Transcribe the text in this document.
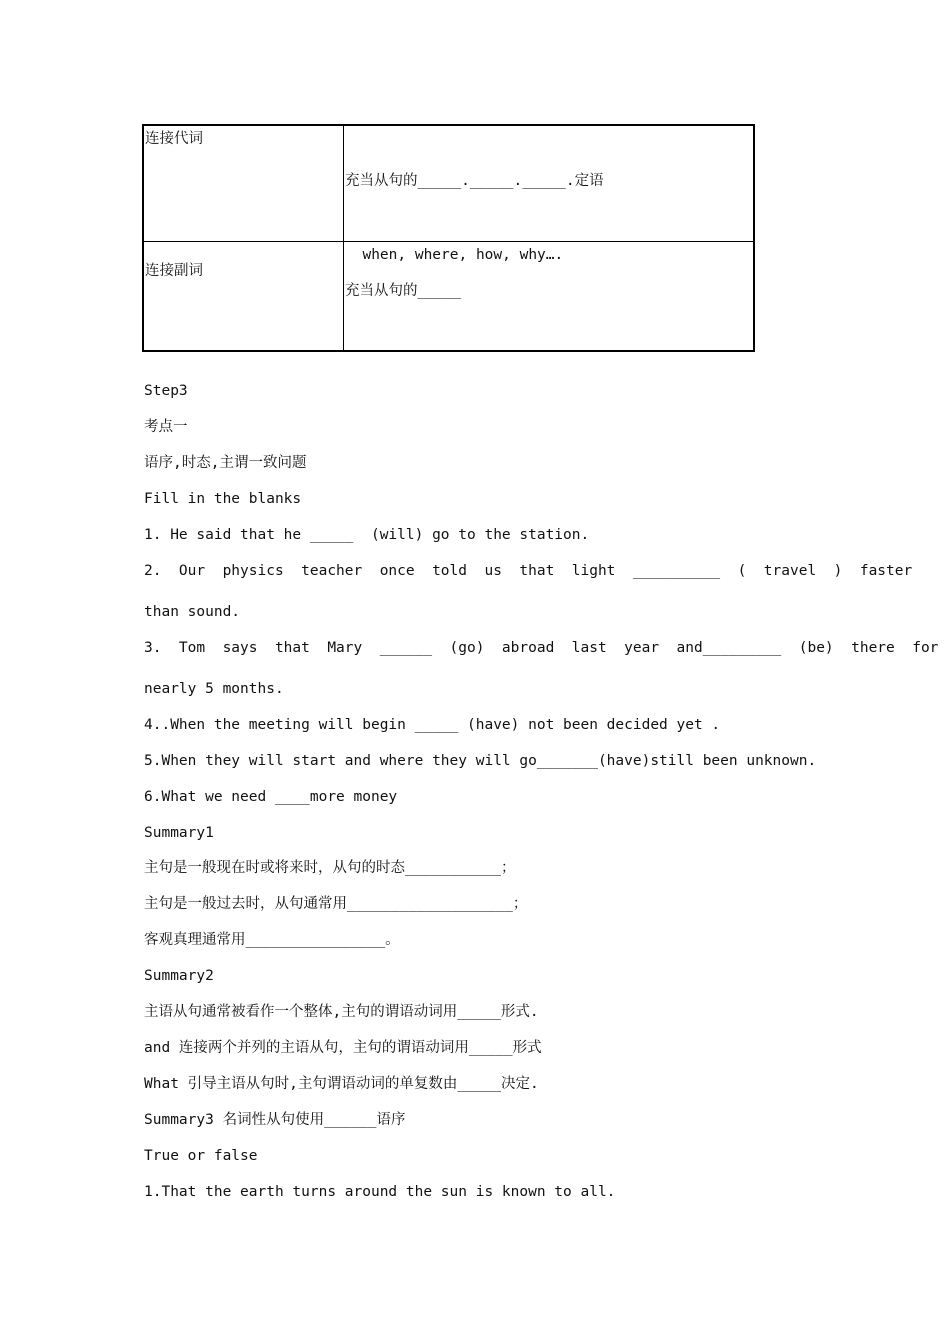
连接代词
充当从句的_____._____._____.定语
连接副词
when, where, how, why….
充当从句的_____
Step3
考点一
语序,时态,主谓一致问题
Fill in the blanks
1. He said that he _____  (will) go to the station.
2.  Our  physics  teacher  once  told  us  that  light  __________  (  travel  )  faster
than sound.
3.  Tom  says  that  Mary  ______  (go)  abroad  last  year  and_________  (be)  there  for
nearly 5 months.
4..When the meeting will begin _____ (have) not been decided yet .
5.When they will start and where they will go_______(have)still been unknown.
6.What we need ____more money
Summary1
主句是一般现在时或将来时，从句的时态___________；
主句是一般过去时，从句通常用___________________；
客观真理通常用________________。
Summary2
主语从句通常被看作一个整体,主句的谓语动词用_____形式.
and 连接两个并列的主语从句，主句的谓语动词用_____形式
What 引导主语从句时,主句谓语动词的单复数由_____决定.
Summary3 名词性从句使用______语序
True or false
1.That the earth turns around the sun is known to all.
